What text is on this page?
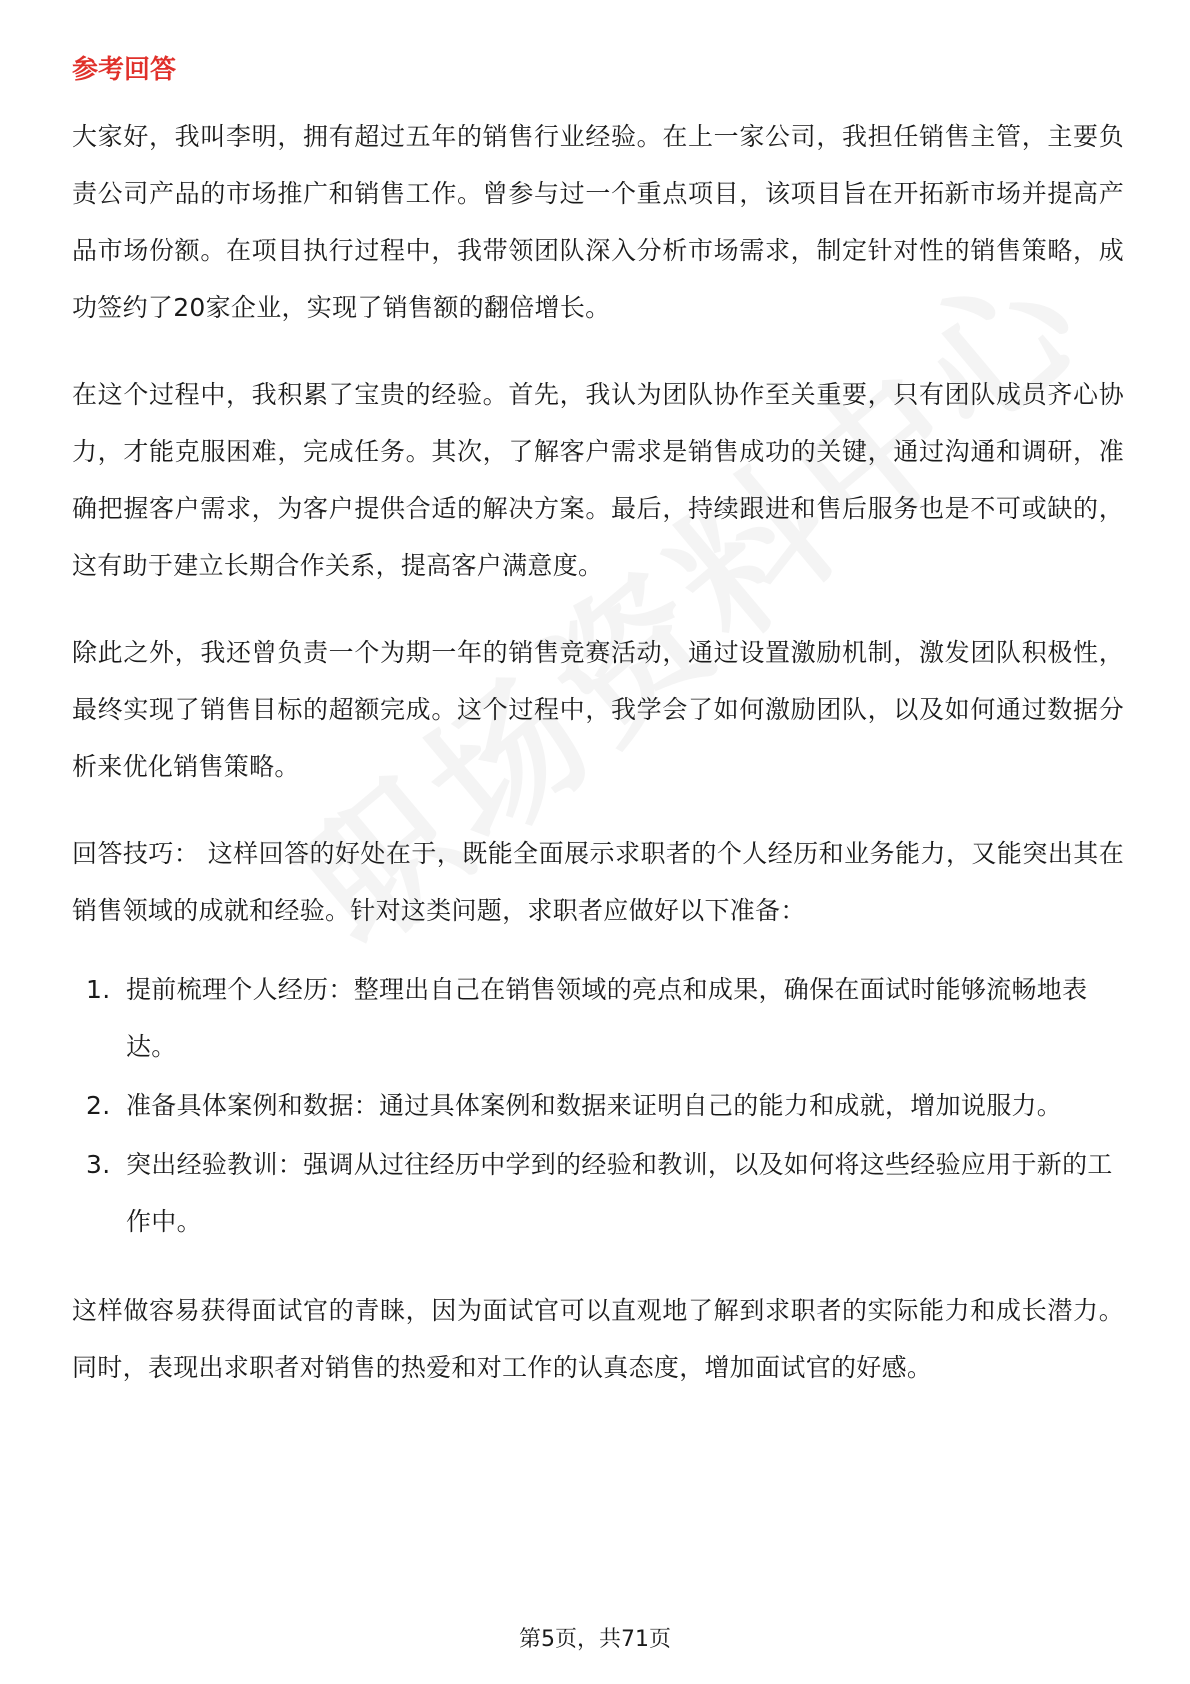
参考回答

大家好，我叫李明，拥有超过五年的销售行业经验。在上一家公司，我担任销售主管，主要负责公司产品的市场推广和销售工作。曾参与过一个重点项目，该项目旨在开拓新市场并提高产品市场份额。在项目执行过程中，我带领团队深入分析市场需求，制定针对性的销售策略，成功签约了20家企业，实现了销售额的翻倍增长。

在这个过程中，我积累了宝贵的经验。首先，我认为团队协作至关重要，只有团队成员齐心协力，才能克服困难，完成任务。其次，了解客户需求是销售成功的关键，通过沟通和调研，准确把握客户需求，为客户提供合适的解决方案。最后，持续跟进和售后服务也是不可或缺的，这有助于建立长期合作关系，提高客户满意度。

除此之外，我还曾负责一个为期一年的销售竞赛活动，通过设置激励机制，激发团队积极性，最终实现了销售目标的超额完成。这个过程中，我学会了如何激励团队，以及如何通过数据分析来优化销售策略。

回答技巧： 这样回答的好处在于，既能全面展示求职者的个人经历和业务能力，又能突出其在销售领域的成就和经验。针对这类问题，求职者应做好以下准备：

1. 提前梳理个人经历：整理出自己在销售领域的亮点和成果，确保在面试时能够流畅地表达。
2. 准备具体案例和数据：通过具体案例和数据来证明自己的能力和成就，增加说服力。
3. 突出经验教训：强调从过往经历中学到的经验和教训，以及如何将这些经验应用于新的工作中。

这样做容易获得面试官的青睐，因为面试官可以直观地了解到求职者的实际能力和成长潜力。同时，表现出求职者对销售的热爱和对工作的认真态度，增加面试官的好感。

第5页，共71页
